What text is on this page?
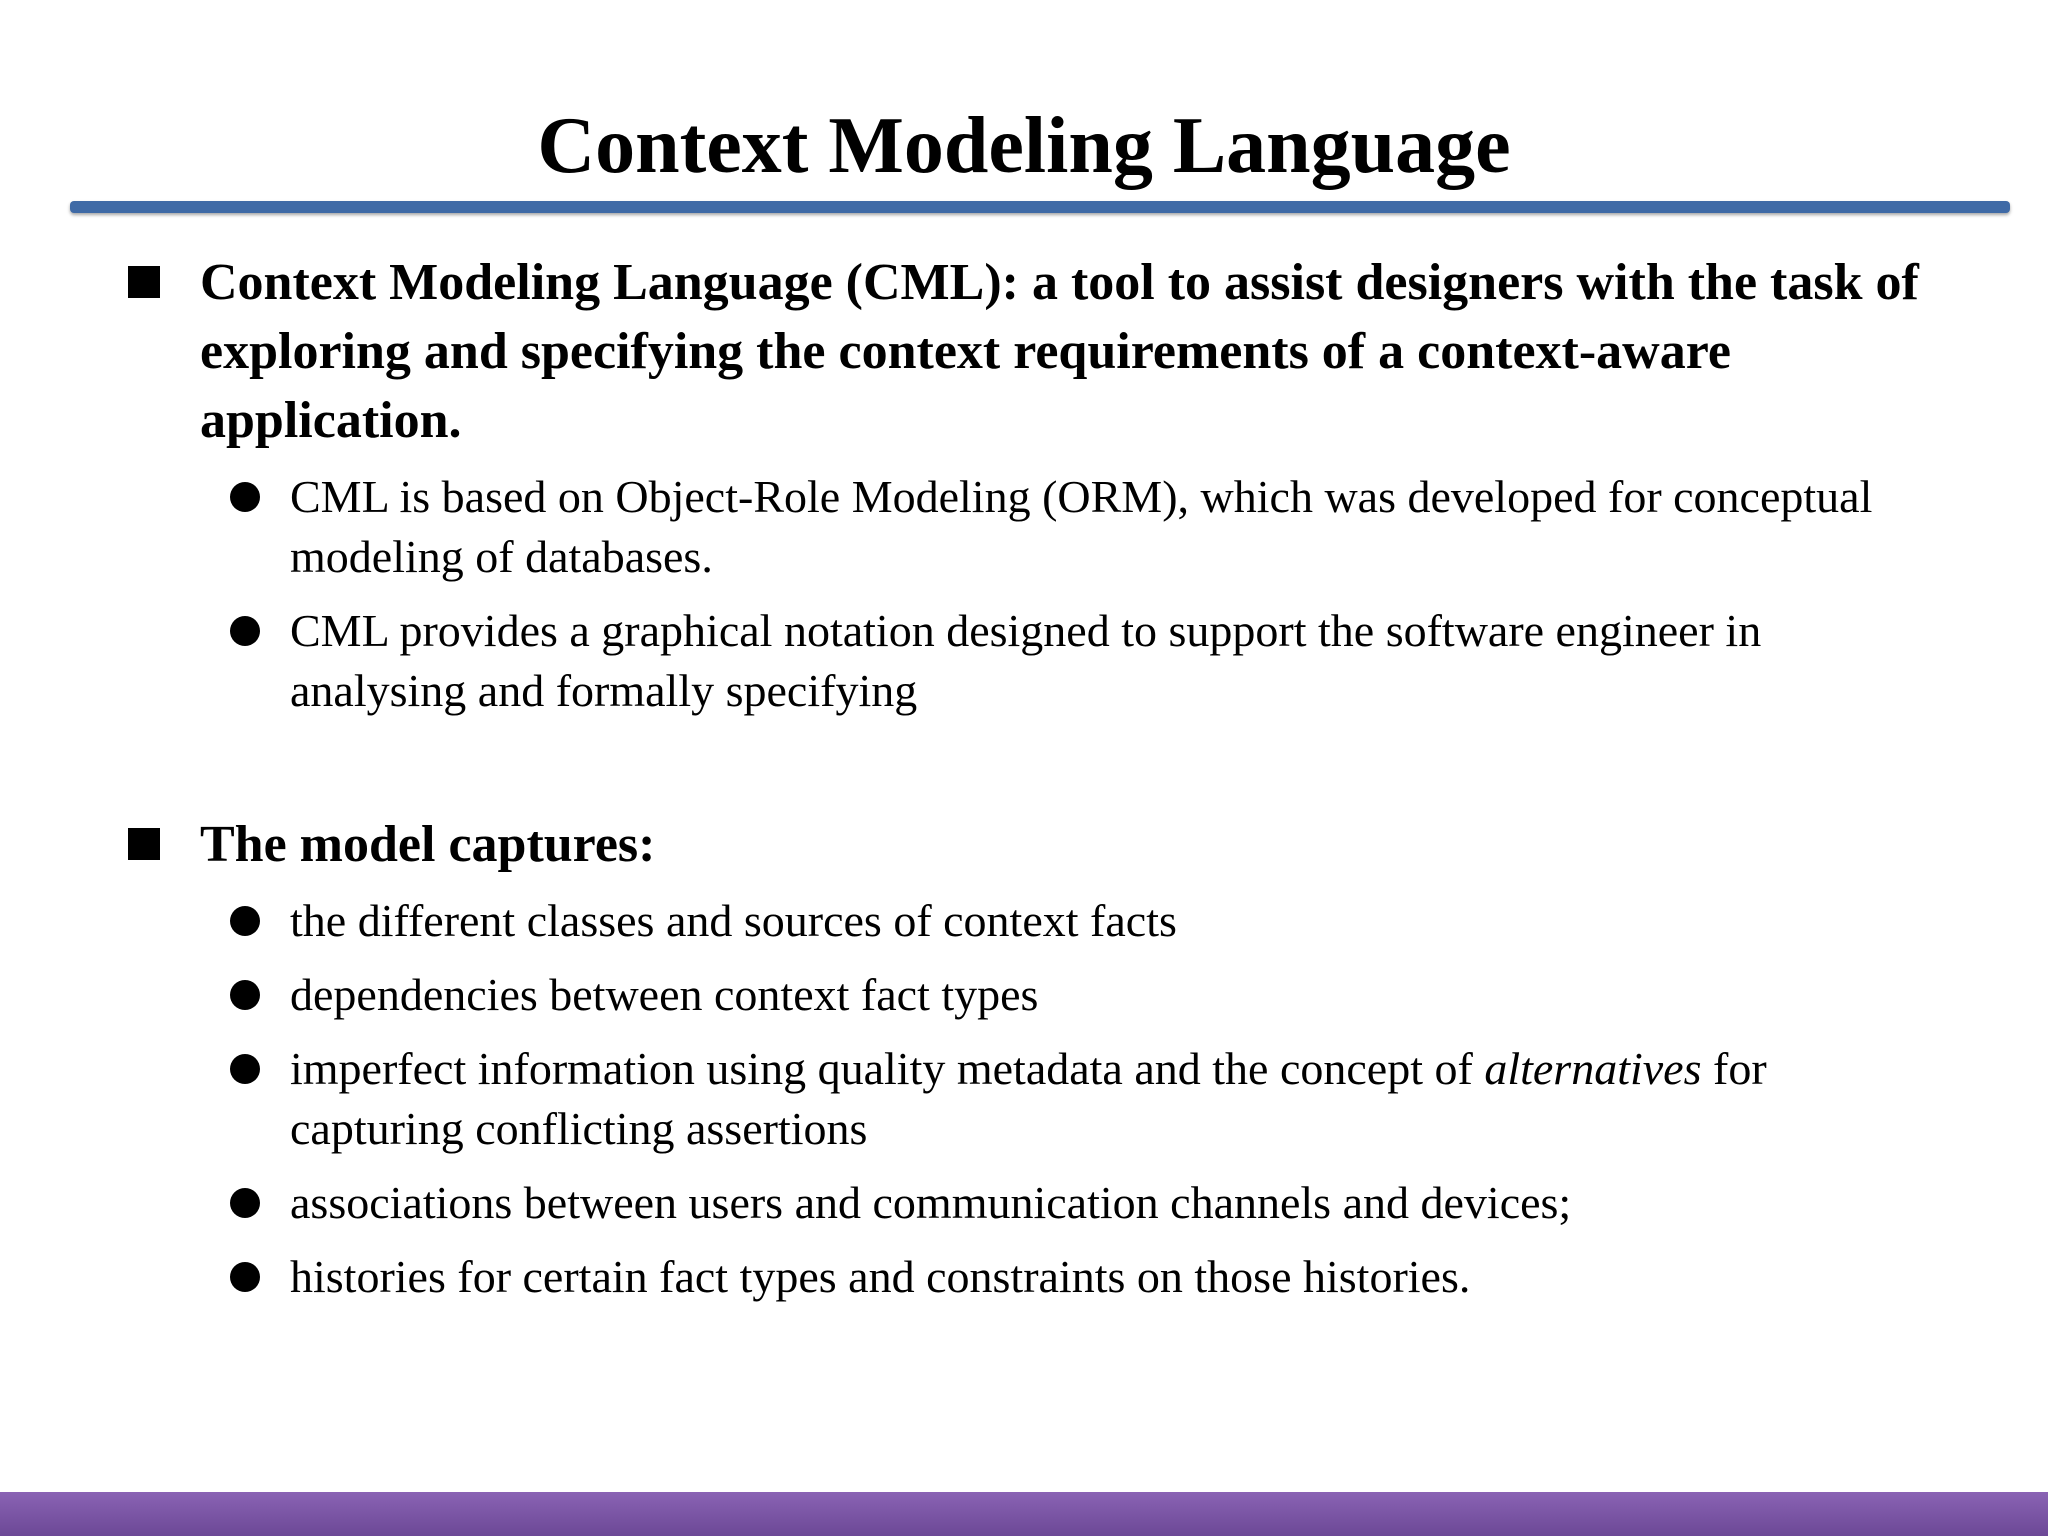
Context Modeling Language
Context Modeling Language (CML): a tool to assist designers with the task of exploring and specifying the context requirements of a context-aware application.
CML is based on Object-Role Modeling (ORM), which was developed for conceptual modeling of databases.
CML provides a graphical notation designed to support the software engineer in analysing and formally specifying
The model captures:
the different classes and sources of context facts
dependencies between context fact types
imperfect information using quality metadata and the concept of alternatives for capturing conflicting assertions
associations between users and communication channels and devices;
histories for certain fact types and constraints on those histories.
